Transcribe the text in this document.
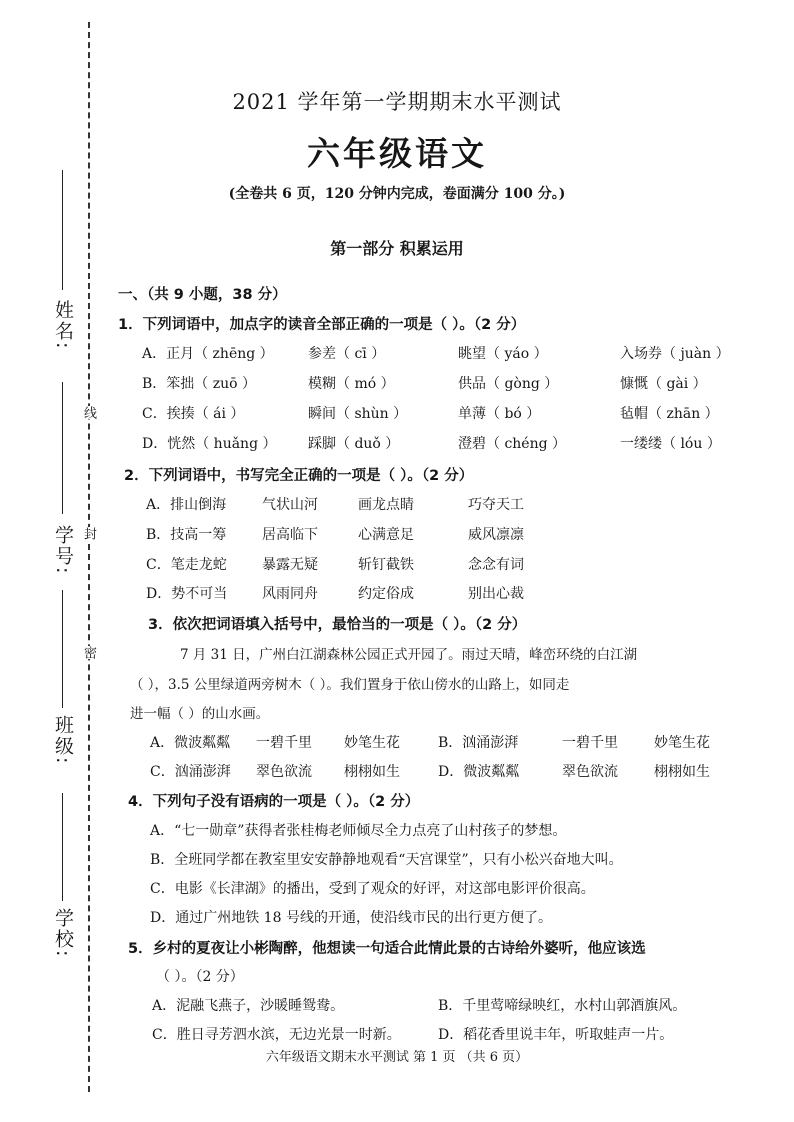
姓名:
学号:
班级:
学校:
线
封
密
2021 学年第一学期期末水平测试
六年级语文
(全卷共 6 页，120 分钟内完成，卷面满分 100 分。)
第一部分 积累运用
一、（共 9 小题，38 分）
1．下列词语中，加点字的读音全部正确的一项是（ ）。（2 分）
A．正月（ zhēng ） 参差（ cī ）	眺望（ yáo ）	入场券（ juàn ）
B．笨拙（ zuō ）	模糊（ mó ）	供品（ gòng ）	慷慨（ gài ）
C．挨揍（ ái ）	瞬间（ shùn ）	单薄（ bó ）	毡帽（ zhān ）
D．恍然（ huǎng ） 踩脚（ duǒ ）	澄碧（ chéng ）	一缕缕（ lóu ）
2．下列词语中，书写完全正确的一项是（ ）。（2 分）
A．排山倒海	气状山河	画龙点睛	巧夺天工
B．技高一筹	居高临下	心满意足	威风凛凛
C．笔走龙蛇	暴露无疑	斩钉截铁	念念有词
D．势不可当 风雨同舟	约定俗成	别出心裁
3．依次把词语填入括号中，最恰当的一项是（ ）。（2 分）
7 月 31 日，广州白江湖森林公园正式开园了。雨过天晴，峰峦环绕的白江湖
（ ），3.5 公里绿道两旁树木（ ）。我们置身于依山傍水的山路上，如同走
进一幅（ ）的山水画。
A．微波粼粼 一碧千里 妙笔生花	B．汹涌澎湃	一碧千里	妙笔生花
C．汹涌澎湃 翠色欲流 栩栩如生	D．微波粼粼	翠色欲流	栩栩如生
4．下列句子没有语病的一项是（ ）。（2 分）
A．“七一勋章”获得者张桂梅老师倾尽全力点亮了山村孩子的梦想。
B．全班同学都在教室里安安静静地观看“天宫课堂”，只有小松兴奋地大叫。
C．电影《长津湖》的播出，受到了观众的好评，对这部电影评价很高。
D．通过广州地铁 18 号线的开通，使沿线市民的出行更方便了。
5．乡村的夏夜让小彬陶醉，他想读一句适合此情此景的古诗给外婆听，他应该选
（ ）。（2 分）
A．泥融飞燕子，沙暖睡鸳鸯。	B．千里莺啼绿映红，水村山郭酒旗风。
C．胜日寻芳泗水滨，无边光景一时新。	D．稻花香里说丰年，听取蛙声一片。
六年级语文期末水平测试 第 1 页 （共 6 页）
